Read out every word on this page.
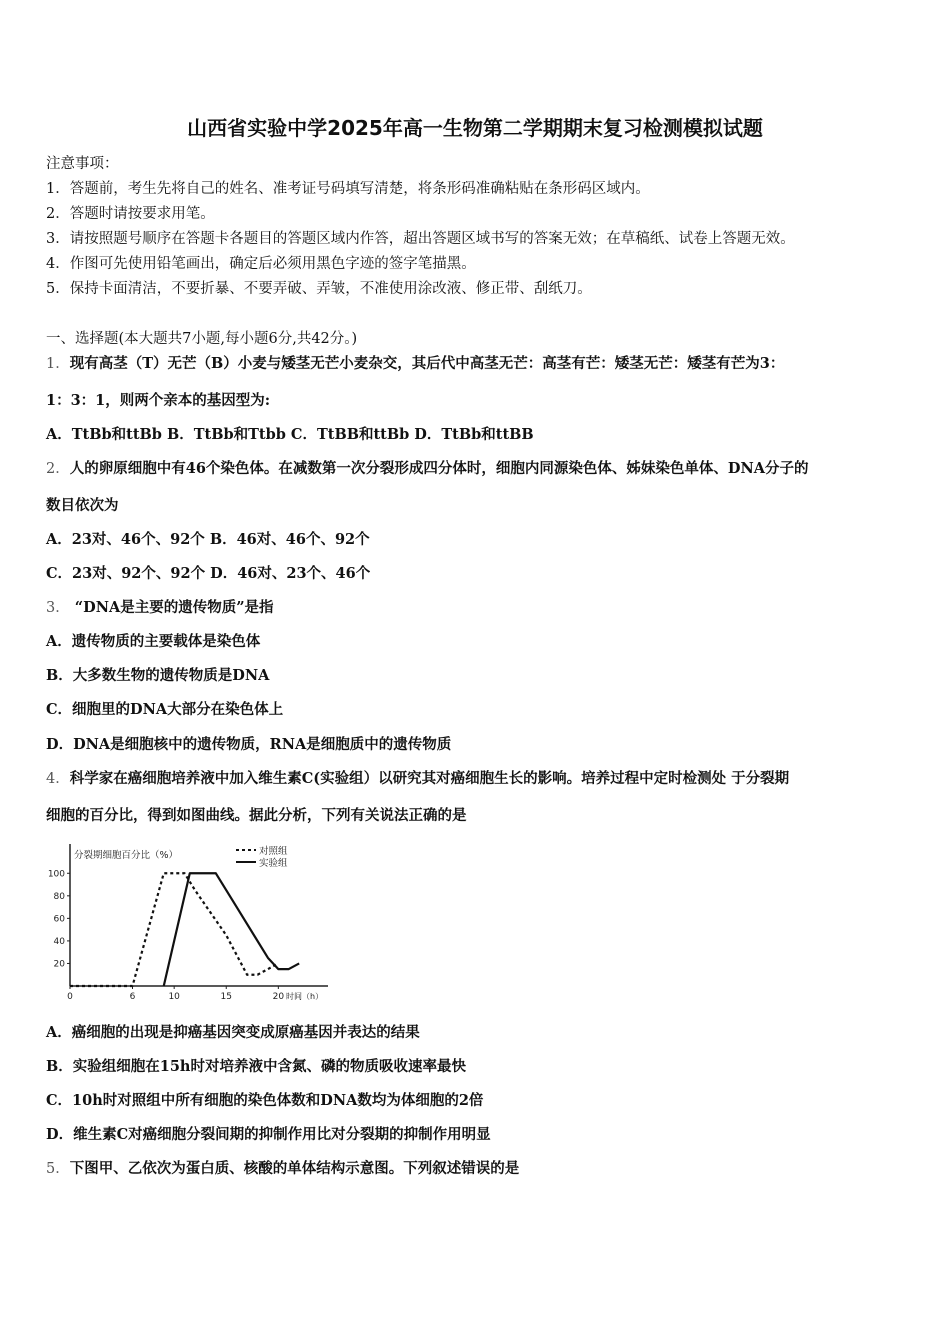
山西省实验中学2025年高一生物第二学期期末复习检测模拟试题
注意事项：
1．答题前，考生先将自己的姓名、准考证号码填写清楚，将条形码准确粘贴在条形码区域内。
2．答题时请按要求用笔。
3．请按照题号顺序在答题卡各题目的答题区域内作答，超出答题区域书写的答案无效；在草稿纸、试卷上答题无效。
4．作图可先使用铅笔画出，确定后必须用黑色字迹的签字笔描黑。
5．保持卡面清洁，不要折暴、不要弄破、弄皱，不准使用涂改液、修正带、刮纸刀。
一、选择题(本大题共7小题,每小题6分,共42分。)
1．现有高茎（T）无芒（B）小麦与矮茎无芒小麦杂交，其后代中高茎无芒：高茎有芒：矮茎无芒：矮茎有芒为3：
1：3：1，则两个亲本的基因型为:
A．TtBb和ttBb B．TtBb和Ttbb C．TtBB和ttBb D．TtBb和ttBB
2．人的卵原细胞中有46个染色体。在减数第一次分裂形成四分体时，细胞内同源染色体、姊妹染色单体、DNA分子的
数目依次为
A．23对、46个、92个 B．46对、46个、92个
C．23对、92个、92个 D．46对、23个、46个
3． “DNA是主要的遗传物质”是指
A．遗传物质的主要载体是染色体
B．大多数生物的遗传物质是DNA
C．细胞里的DNA大部分在染色体上
D．DNA是细胞核中的遗传物质，RNA是细胞质中的遗传物质
4．科学家在癌细胞培养液中加入维生素C(实验组）以研究其对癌细胞生长的影响。培养过程中定时检测处 于分裂期
细胞的百分比，得到如图曲线。据此分析，下列有关说法正确的是
20
40
60
80
100
0	6	10	15	20
分裂期细胞百分比（%）
时间（h）
对照组
实验组
A．癌细胞的出现是抑癌基因突变成原癌基因并表达的结果
B．实验组细胞在15h时对培养液中含氮、磷的物质吸收速率最快
C．10h时对照组中所有细胞的染色体数和DNA数均为体细胞的2倍
D．维生素C对癌细胞分裂间期的抑制作用比对分裂期的抑制作用明显
5．下图甲、乙依次为蛋白质、核酸的单体结构示意图。下列叙述错误的是
